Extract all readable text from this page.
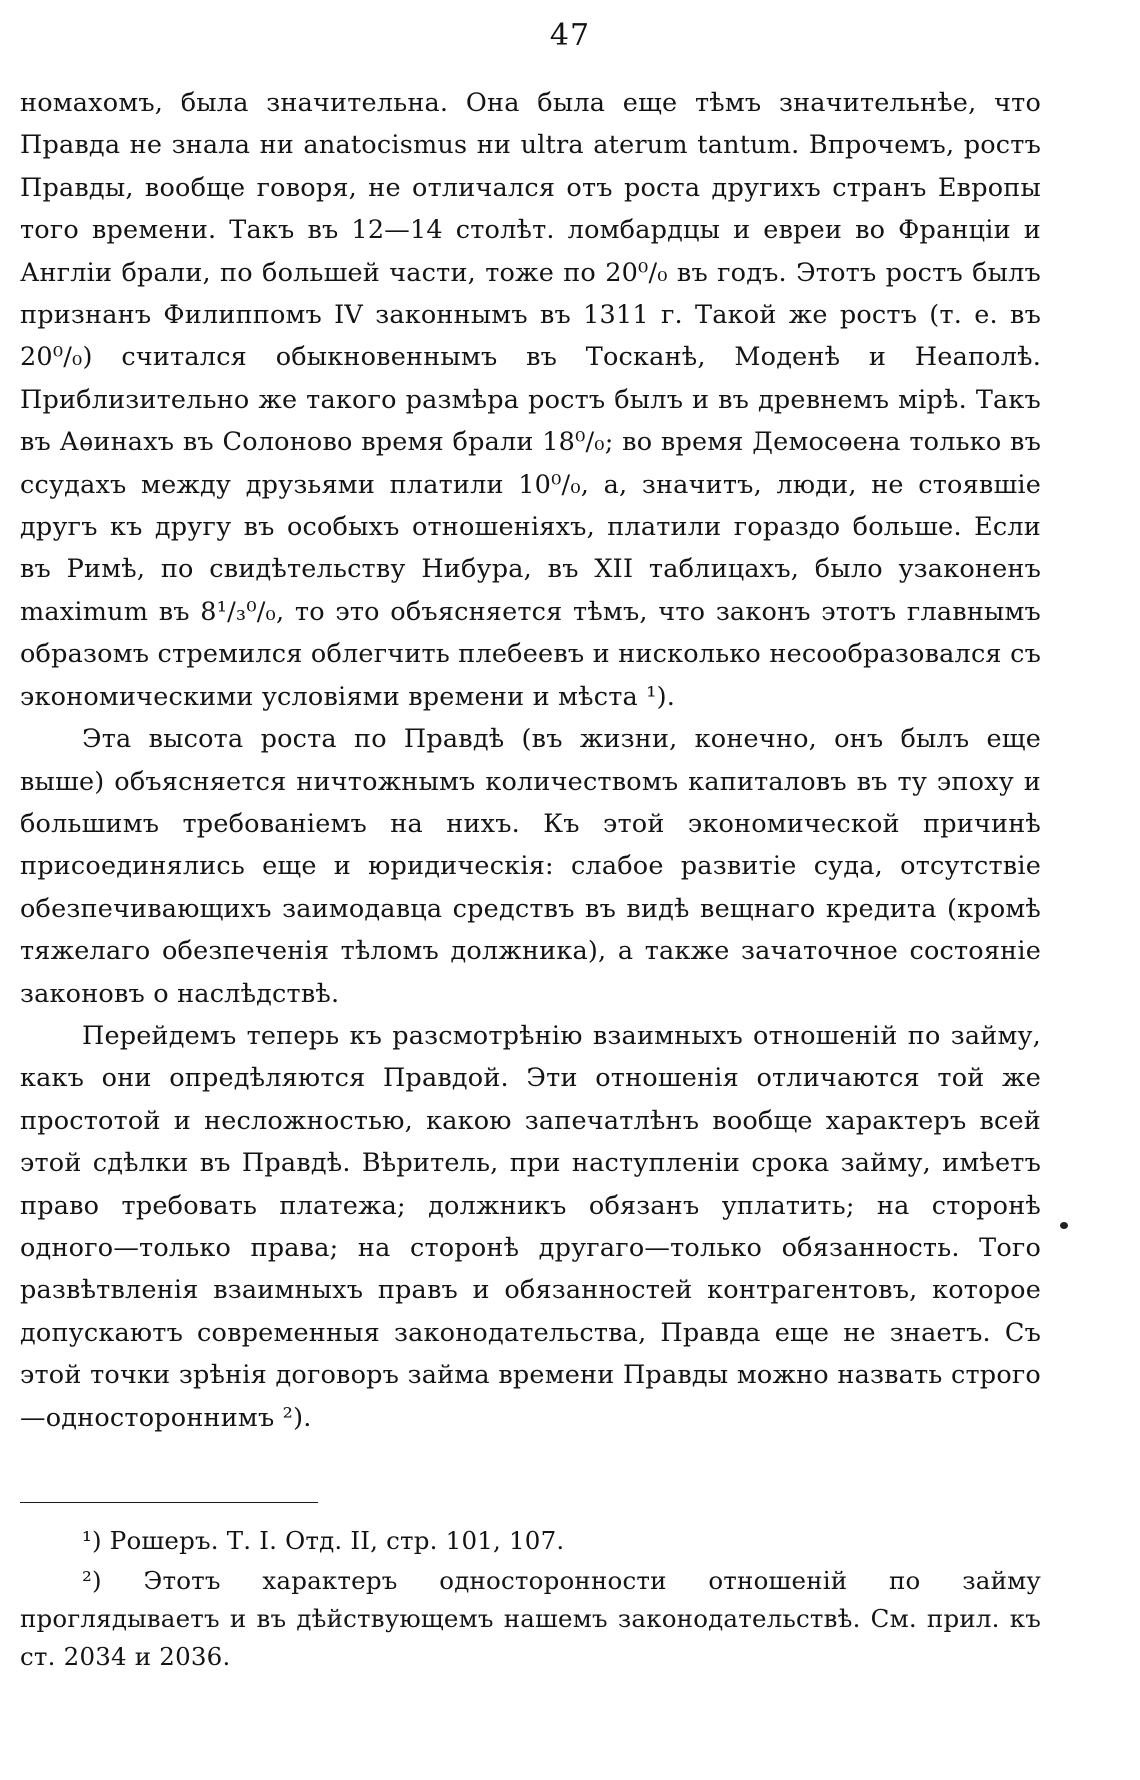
47

номахомъ, была значительна. Она была еще тѣмъ значительнѣе, что Правда не знала ни anatocismus ни ultra aterum tantum. Впрочемъ, ростъ Правды, вообще говоря, не отличался отъ роста другихъ странъ Европы того времени. Такъ въ 12—14 столѣт. ломбардцы и евреи во Франціи и Англіи брали, по большей части, тоже по 20⁰/₀ въ годъ. Этотъ ростъ былъ признанъ Филиппомъ IV законнымъ въ 1311 г. Такой же ростъ (т. е. въ 20⁰/₀) считался обыкновеннымъ въ Тосканѣ, Моденѣ и Неаполѣ. Приблизительно же такого размѣра ростъ былъ и въ древнемъ мірѣ. Такъ въ Аѳинахъ въ Солоново время брали 18⁰/₀; во время Демосѳена только въ ссудахъ между друзьями платили 10⁰/₀, а, значитъ, люди, не стоявшіе другъ къ другу въ особыхъ отношеніяхъ, платили гораздо больше. Если въ Римѣ, по свидѣтельству Нибура, въ XII таблицахъ, было узаконенъ maximum въ 8¹/₃⁰/₀, то это объясняется тѣмъ, что законъ этотъ главнымъ образомъ стремился облегчить плебеевъ и нисколько несообразовался съ экономическими условіями времени и мѣста ¹).

Эта высота роста по Правдѣ (въ жизни, конечно, онъ былъ еще выше) объясняется ничтожнымъ количествомъ капиталовъ въ ту эпоху и большимъ требованіемъ на нихъ. Къ этой экономической причинѣ присоединялись еще и юридическія: слабое развитіе суда, отсутствіе обезпечивающихъ заимодавца средствъ въ видѣ вещнаго кредита (кромѣ тяжелаго обезпеченія тѣломъ должника), а также зачаточное состояніе законовъ о наслѣдствѣ.

Перейдемъ теперь къ разсмотрѣнію взаимныхъ отношеній по займу, какъ они опредѣляются Правдой. Эти отношенія отличаются той же простотой и несложностью, какою запечатлѣнъ вообще характеръ всей этой сдѣлки въ Правдѣ. Вѣритель, при наступленіи срока займу, имѣетъ право требовать платежа; должникъ обязанъ уплатить; на сторонѣ одного—только права; на сторонѣ другаго—только обязанность. Того развѣтвленія взаимныхъ правъ и обязанностей контрагентовъ, которое допускаютъ современныя законодательства, Правда еще не знаетъ. Съ этой точки зрѣнія договоръ займа времени Правды можно назвать строго—одностороннимъ ²).

¹) Рошеръ. Т. I. Отд. II, стр. 101, 107.

²) Этотъ характеръ односторонности отношеній по займу проглядываетъ и въ дѣйствующемъ нашемъ законодательствѣ. См. прил. къ ст. 2034 и 2036.
